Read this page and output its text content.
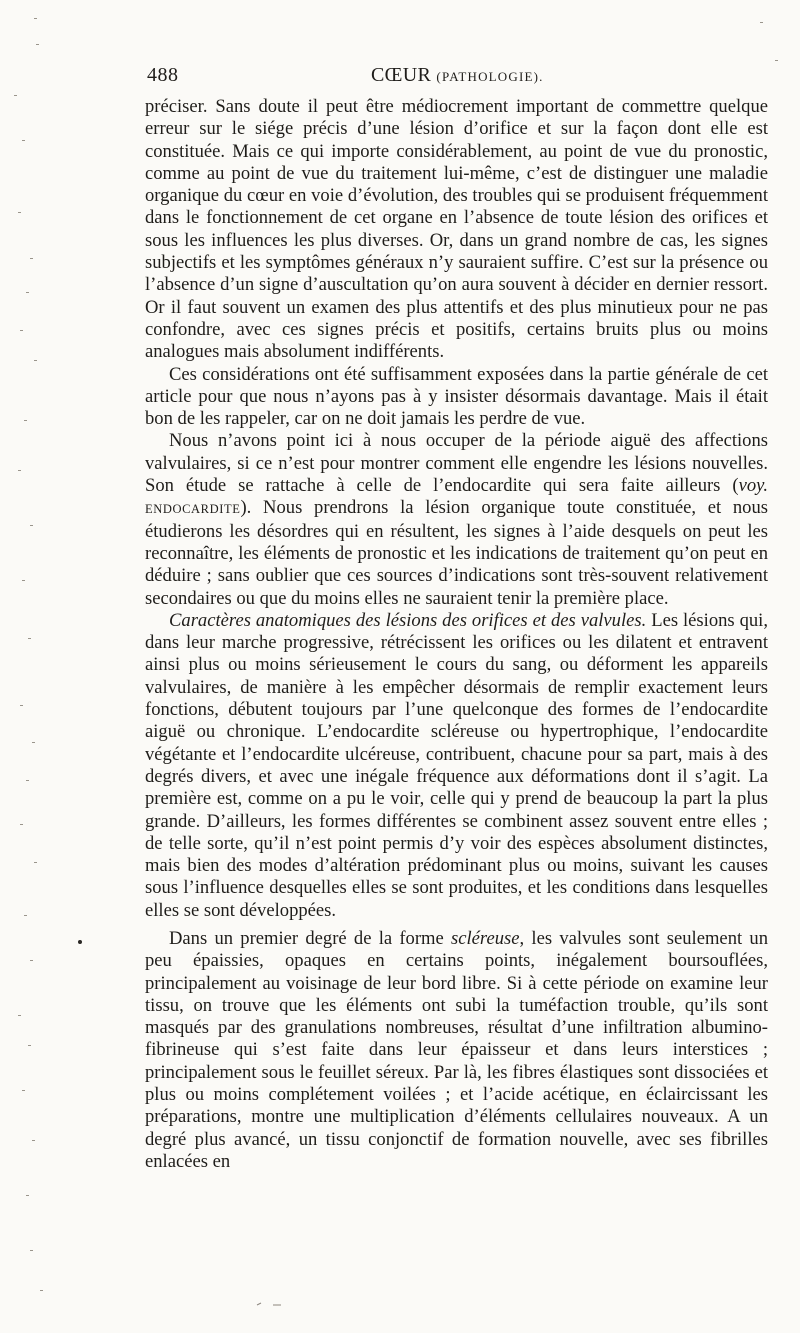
488	CŒUR (PATHOLOGIE).

préciser. Sans doute il peut être médiocrement important de commettre quelque erreur sur le siége précis d’une lésion d’orifice et sur la façon dont elle est constituée. Mais ce qui importe considérablement, au point de vue du pronostic, comme au point de vue du traitement lui-même, c’est de distinguer une maladie organique du cœur en voie d’évolution, des troubles qui se produisent fréquemment dans le fonctionnement de cet organe en l’absence de toute lésion des orifices et sous les influences les plus diverses. Or, dans un grand nombre de cas, les signes subjectifs et les symptômes généraux n’y sauraient suffire. C’est sur la présence ou l’absence d’un signe d’auscultation qu’on aura souvent à décider en dernier ressort. Or il faut souvent un examen des plus attentifs et des plus minutieux pour ne pas confondre, avec ces signes précis et positifs, certains bruits plus ou moins analogues mais absolument indifférents.

Ces considérations ont été suffisamment exposées dans la partie générale de cet article pour que nous n’ayons pas à y insister désormais davantage. Mais il était bon de les rappeler, car on ne doit jamais les perdre de vue.

Nous n’avons point ici à nous occuper de la période aiguë des affections valvulaires, si ce n’est pour montrer comment elle engendre les lésions nouvelles. Son étude se rattache à celle de l’endocardite qui sera faite ailleurs (voy. ENDOCARDITE). Nous prendrons la lésion organique toute constituée, et nous étudierons les désordres qui en résultent, les signes à l’aide desquels on peut les reconnaître, les éléments de pronostic et les indications de traitement qu’on peut en déduire ; sans oublier que ces sources d’indications sont très-souvent relativement secondaires ou que du moins elles ne sauraient tenir la première place.

Caractères anatomiques des lésions des orifices et des valvules. Les lésions qui, dans leur marche progressive, rétrécissent les orifices ou les dilatent et entravent ainsi plus ou moins sérieusement le cours du sang, ou déforment les appareils valvulaires, de manière à les empêcher désormais de remplir exactement leurs fonctions, débutent toujours par l’une quelconque des formes de l’endocardite aiguë ou chronique. L’endocardite scléreuse ou hypertrophique, l’endocardite végétante et l’endocardite ulcéreuse, contribuent, chacune pour sa part, mais à des degrés divers, et avec une inégale fréquence aux déformations dont il s’agit. La première est, comme on a pu le voir, celle qui y prend de beaucoup la part la plus grande. D’ailleurs, les formes différentes se combinent assez souvent entre elles ; de telle sorte, qu’il n’est point permis d’y voir des espèces absolument distinctes, mais bien des modes d’altération prédominant plus ou moins, suivant les causes sous l’influence desquelles elles se sont produites, et les conditions dans lesquelles elles se sont développées.

Dans un premier degré de la forme scléreuse, les valvules sont seulement un peu épaissies, opaques en certains points, inégalement boursouflées, principalement au voisinage de leur bord libre. Si à cette période on examine leur tissu, on trouve que les éléments ont subi la tuméfaction trouble, qu’ils sont masqués par des granulations nombreuses, résultat d’une infiltration albumino-fibrineuse qui s’est faite dans leur épaisseur et dans leurs interstices ; principalement sous le feuillet séreux. Par là, les fibres élastiques sont dissociées et plus ou moins complétement voilées ; et l’acide acétique, en éclaircissant les préparations, montre une multiplication d’éléments cellulaires nouveaux. A un degré plus avancé, un tissu conjonctif de formation nouvelle, avec ses fibrilles enlacées en
